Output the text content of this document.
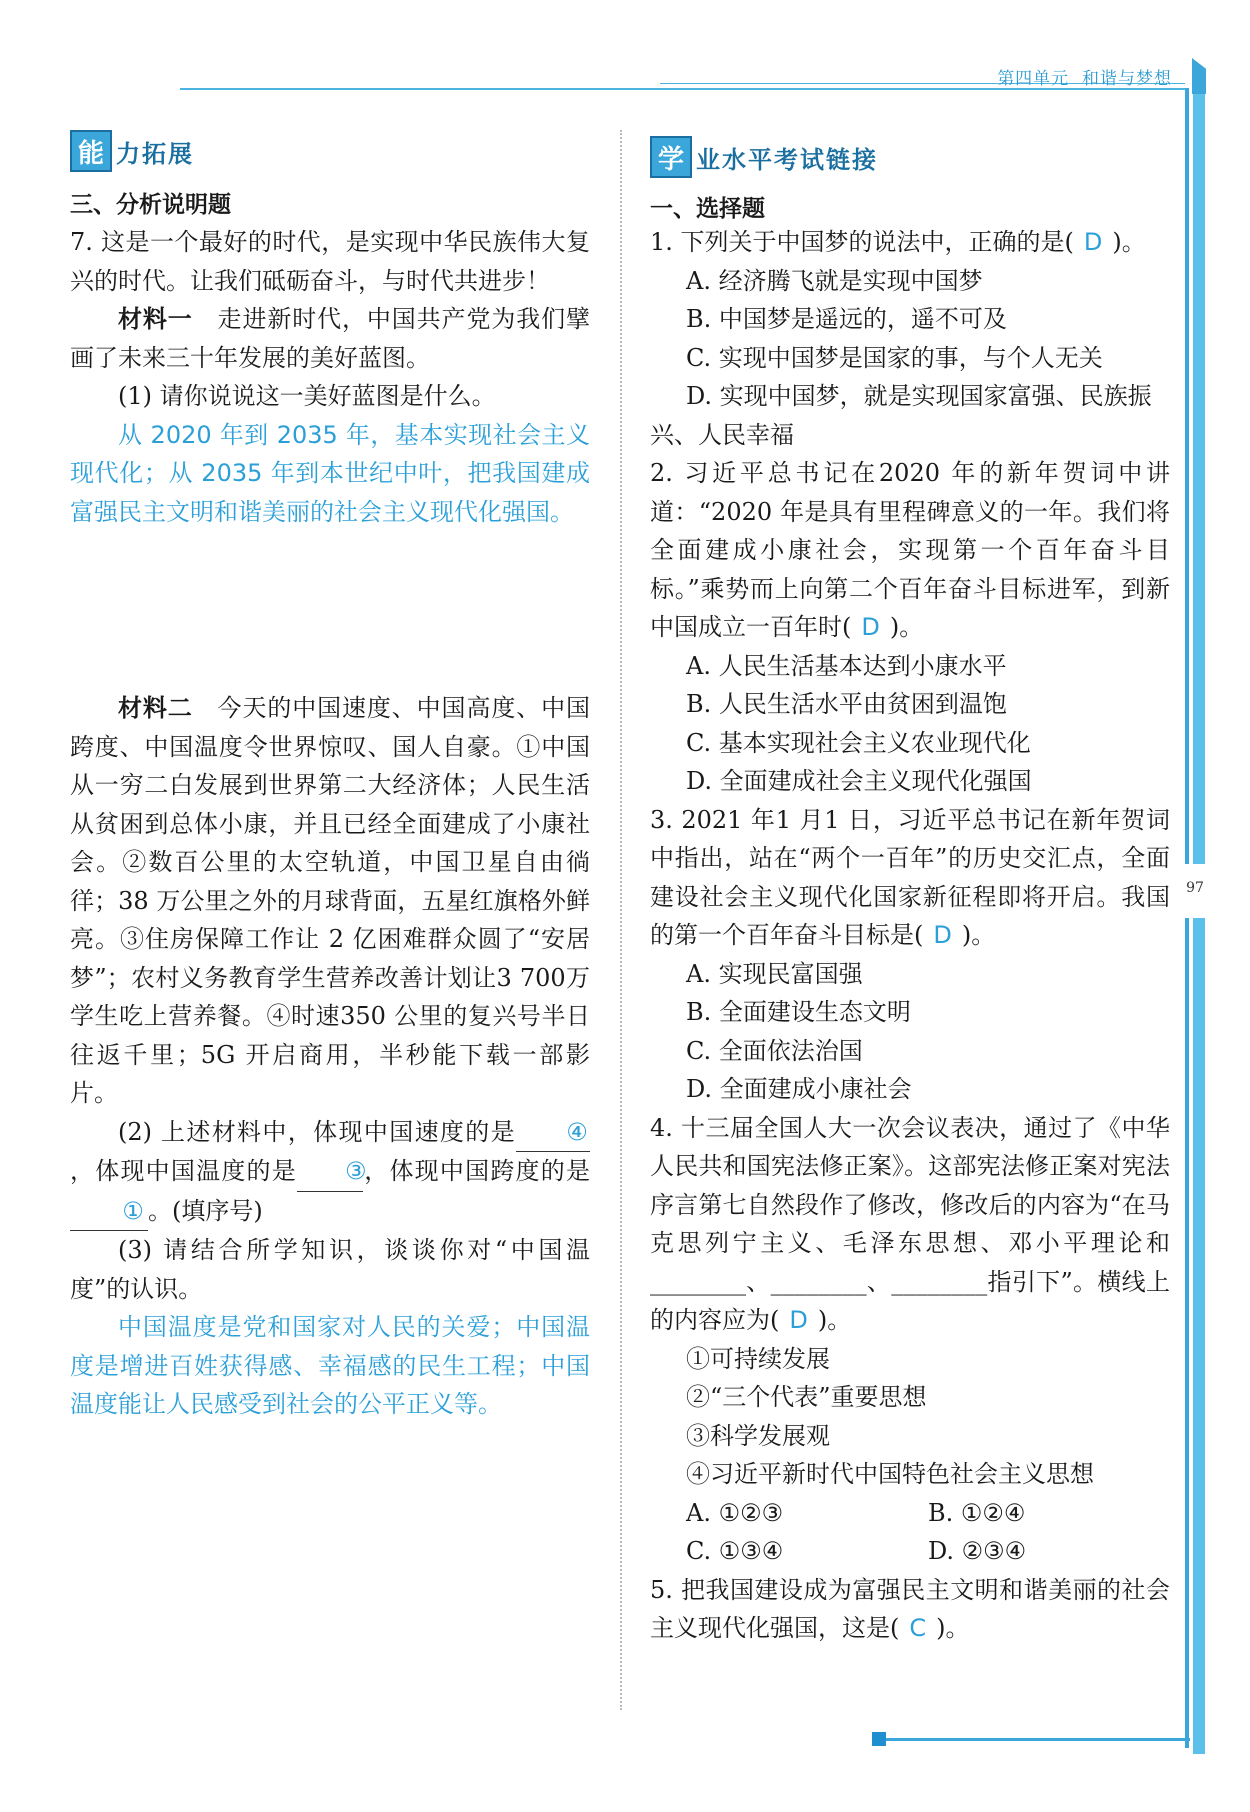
第四单元 和谐与梦想
97
能 力拓展
三、分析说明题
7. 这是一个最好的时代，是实现中华民族伟大复兴的时代。让我们砥砺奋斗，与时代共进步！
材料一　走进新时代，中国共产党为我们擘画了未来三十年发展的美好蓝图。
(1) 请你说说这一美好蓝图是什么。
从 2020 年到 2035 年，基本实现社会主义现代化；从 2035 年到本世纪中叶，把我国建成富强民主文明和谐美丽的社会主义现代化强国。
材料二　今天的中国速度、中国高度、中国跨度、中国温度令世界惊叹、国人自豪。①中国从一穷二白发展到世界第二大经济体；人民生活从贫困到总体小康，并且已经全面建成了小康社会。②数百公里的太空轨道，中国卫星自由徜徉；38 万公里之外的月球背面，五星红旗格外鲜亮。③住房保障工作让 2 亿困难群众圆了“安居梦”；农村义务教育学生营养改善计划让3 700万学生吃上营养餐。④时速350 公里的复兴号半日往返千里；5G 开启商用，半秒能下载一部影片。
(2) 上述材料中，体现中国速度的是 ④，体现中国温度的是 ③，体现中国跨度的是① 。(填序号)
(3) 请结合所学知识，谈谈你对“中国温度”的认识。
中国温度是党和国家对人民的关爱；中国温度是增进百姓获得感、幸福感的民生工程；中国温度能让人民感受到社会的公平正义等。
学 业水平考试链接
一、选择题
1. 下列关于中国梦的说法中，正确的是( D )。
A. 经济腾飞就是实现中国梦
B. 中国梦是遥远的，遥不可及
C. 实现中国梦是国家的事，与个人无关
D. 实现中国梦，就是实现国家富强、民族振兴、人民幸福
2. 习近平总书记在2020 年的新年贺词中讲道：“2020 年是具有里程碑意义的一年。我们将全面建成小康社会，实现第一个百年奋斗目标。”乘势而上向第二个百年奋斗目标进军，到新中国成立一百年时( D )。
A. 人民生活基本达到小康水平
B. 人民生活水平由贫困到温饱
C. 基本实现社会主义农业现代化
D. 全面建成社会主义现代化强国
3. 2021 年1 月1 日，习近平总书记在新年贺词中指出，站在“两个一百年”的历史交汇点，全面建设社会主义现代化国家新征程即将开启。我国的第一个百年奋斗目标是( D )。
A. 实现民富国强
B. 全面建设生态文明
C. 全面依法治国
D. 全面建成小康社会
4. 十三届全国人大一次会议表决，通过了《中华人民共和国宪法修正案》。这部宪法修正案对宪法序言第七自然段作了修改，修改后的内容为“在马克思列宁主义、毛泽东思想、邓小平理论和________、________、________指引下”。横线上的内容应为( D )。
①可持续发展
②“三个代表”重要思想
③科学发展观
④习近平新时代中国特色社会主义思想
A. ①②③	B. ①②④
C. ①③④	D. ②③④
5. 把我国建设成为富强民主文明和谐美丽的社会主义现代化强国，这是( C )。
